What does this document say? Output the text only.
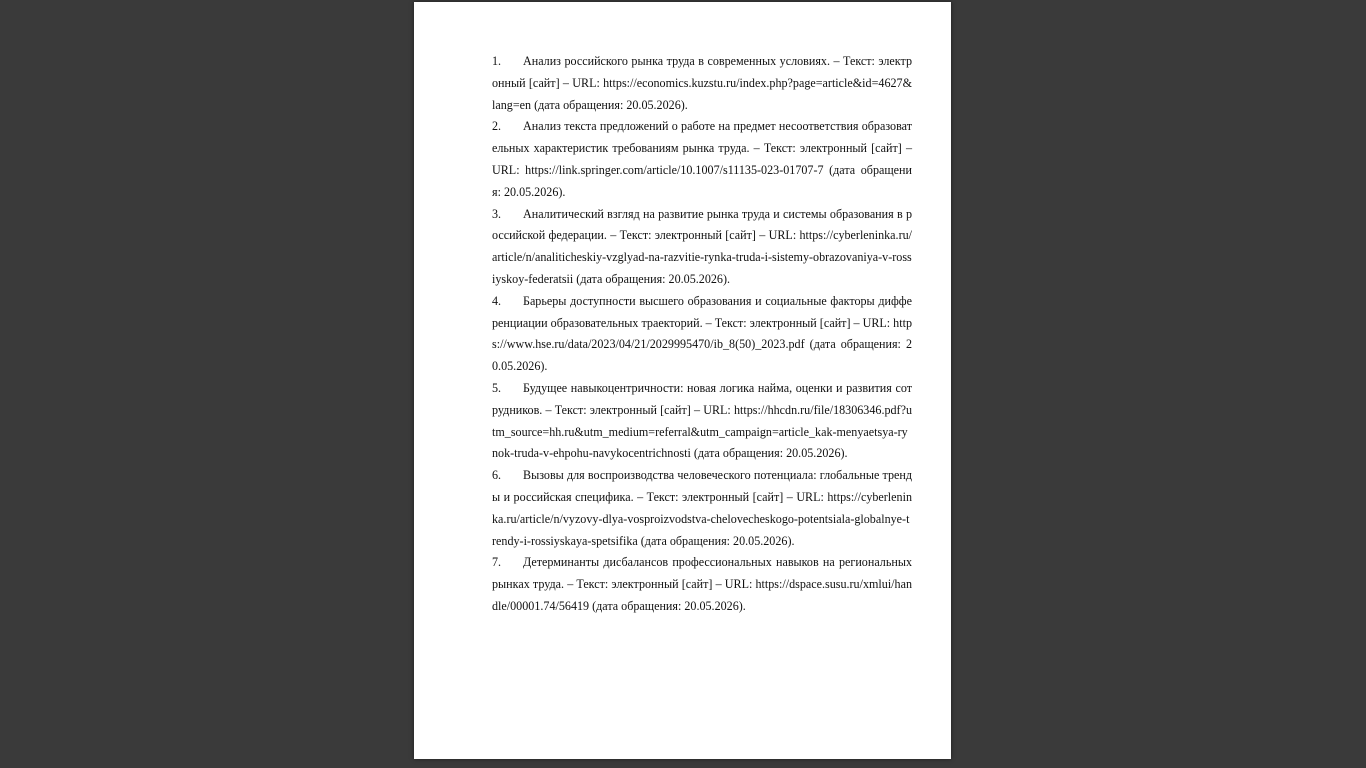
1. Анализ российского рынка труда в современных условиях. – Текст: электронный [сайт] – URL: https://economics.kuzstu.ru/index.php?page=article&id=4627&lang=en (дата обращения: 20.05.2026).

2. Анализ текста предложений о работе на предмет несоответствия образовательных характеристик требованиям рынка труда. – Текст: электронный [сайт] – URL: https://link.springer.com/article/10.1007/s11135-023-01707-7 (дата обращения: 20.05.2026).

3. Аналитический взгляд на развитие рынка труда и системы образования в российской федерации. – Текст: электронный [сайт] – URL: https://cyberleninka.ru/article/n/analiticheskiy-vzglyad-na-razvitie-rynka-truda-i-sistemy-obrazovaniya-v-rossiyskoy-federatsii (дата обращения: 20.05.2026).

4. Барьеры доступности высшего образования и социальные факторы дифференциации образовательных траекторий. – Текст: электронный [сайт] – URL: https://www.hse.ru/data/2023/04/21/2029995470/ib_8(50)_2023.pdf (дата обращения: 20.05.2026).

5. Будущее навыкоцентричности: новая логика найма, оценки и развития сотрудников. – Текст: электронный [сайт] – URL: https://hhcdn.ru/file/18306346.pdf?utm_source=hh.ru&utm_medium=referral&utm_campaign=article_kak-menyaetsya-rynok-truda-v-ehpohu-navykocentrichnosti (дата обращения: 20.05.2026).

6. Вызовы для воспроизводства человеческого потенциала: глобальные тренды и российская специфика. – Текст: электронный [сайт] – URL: https://cyberleninka.ru/article/n/vyzovy-dlya-vosproizvodstva-chelovecheskogo-potentsiala-globalnye-trendy-i-rossiyskaya-spetsifika (дата обращения: 20.05.2026).

7. Детерминанты дисбалансов профессиональных навыков на региональных рынках труда. – Текст: электронный [сайт] – URL: https://dspace.susu.ru/xmlui/handle/00001.74/56419 (дата обращения: 20.05.2026).
